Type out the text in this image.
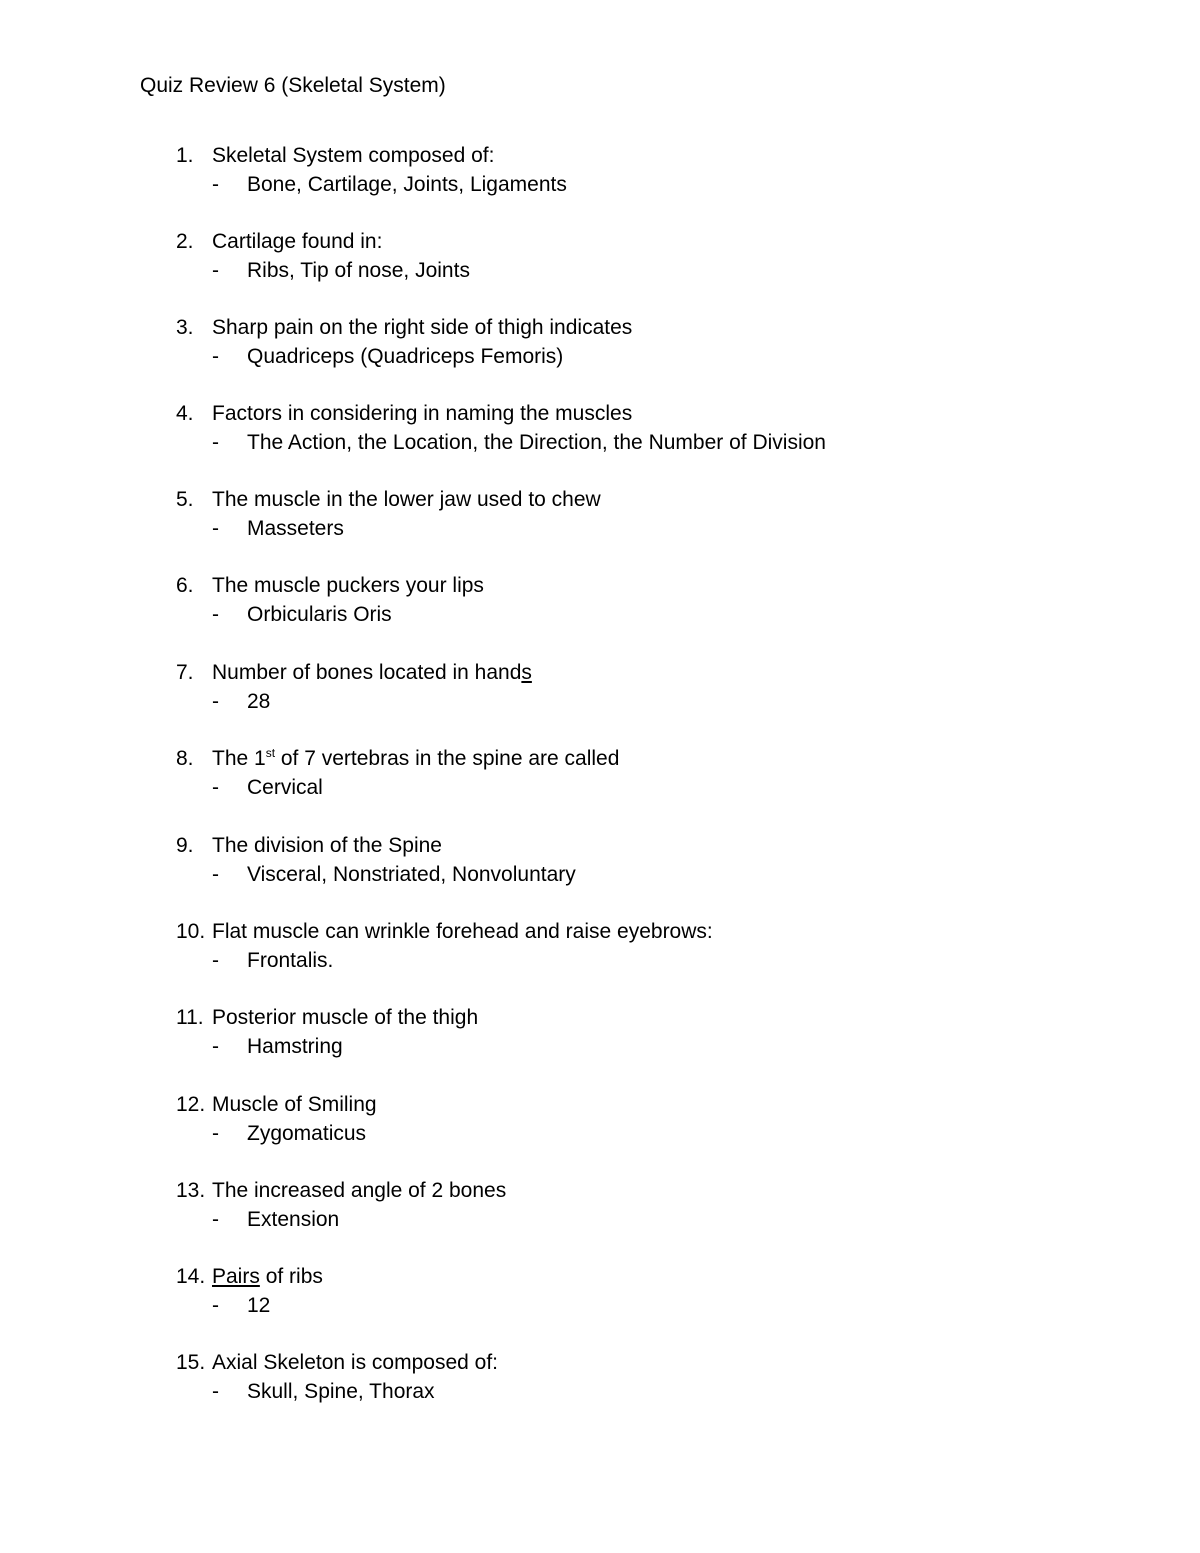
Quiz Review 6 (Skeletal System)
1. Skeletal System composed of:
- Bone, Cartilage, Joints, Ligaments
2. Cartilage found in:
- Ribs, Tip of nose, Joints
3. Sharp pain on the right side of thigh indicates
- Quadriceps (Quadriceps Femoris)
4. Factors in considering in naming the muscles
- The Action, the Location, the Direction, the Number of Division
5. The muscle in the lower jaw used to chew
- Masseters
6. The muscle puckers your lips
- Orbicularis Oris
7. Number of bones located in hands
- 28
8. The 1st of 7 vertebras in the spine are called
- Cervical
9. The division of the Spine
- Visceral, Nonstriated, Nonvoluntary
10. Flat muscle can wrinkle forehead and raise eyebrows:
- Frontalis.
11. Posterior muscle of the thigh
- Hamstring
12. Muscle of Smiling
- Zygomaticus
13. The increased angle of 2 bones
- Extension
14. Pairs of ribs
- 12
15. Axial Skeleton is composed of:
- Skull, Spine, Thorax
